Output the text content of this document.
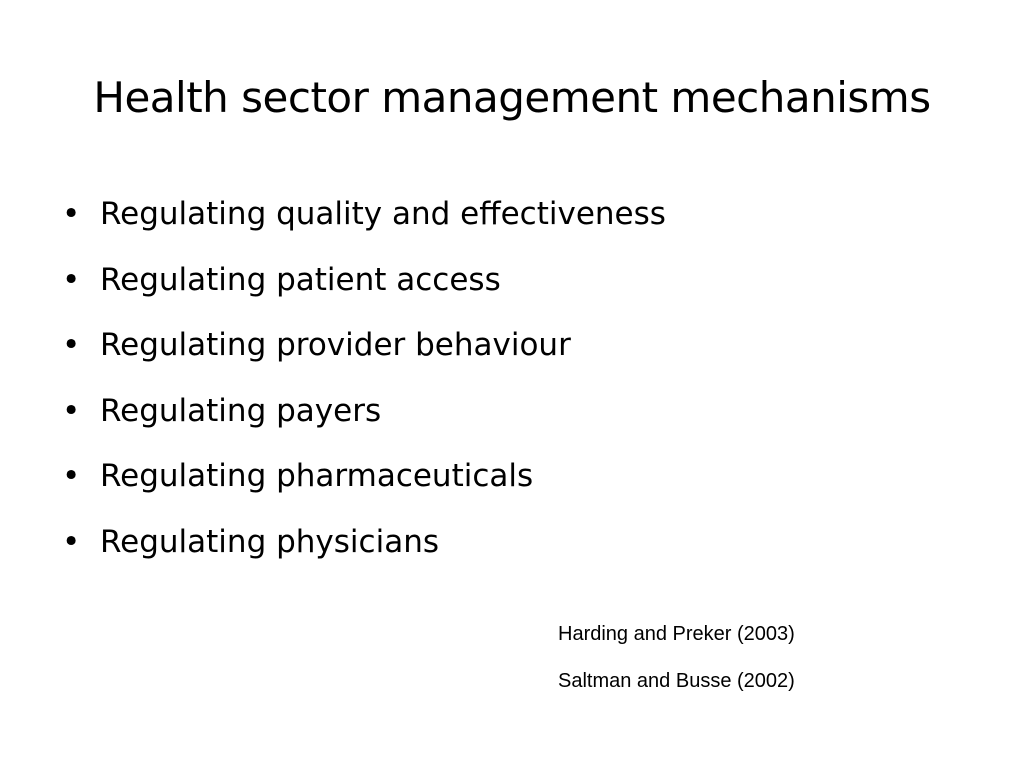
Health sector management mechanisms
• Regulating quality and effectiveness
• Regulating patient access
• Regulating provider behaviour
• Regulating payers
• Regulating pharmaceuticals
• Regulating physicians
Harding and Preker (2003)
Saltman and Busse (2002)
